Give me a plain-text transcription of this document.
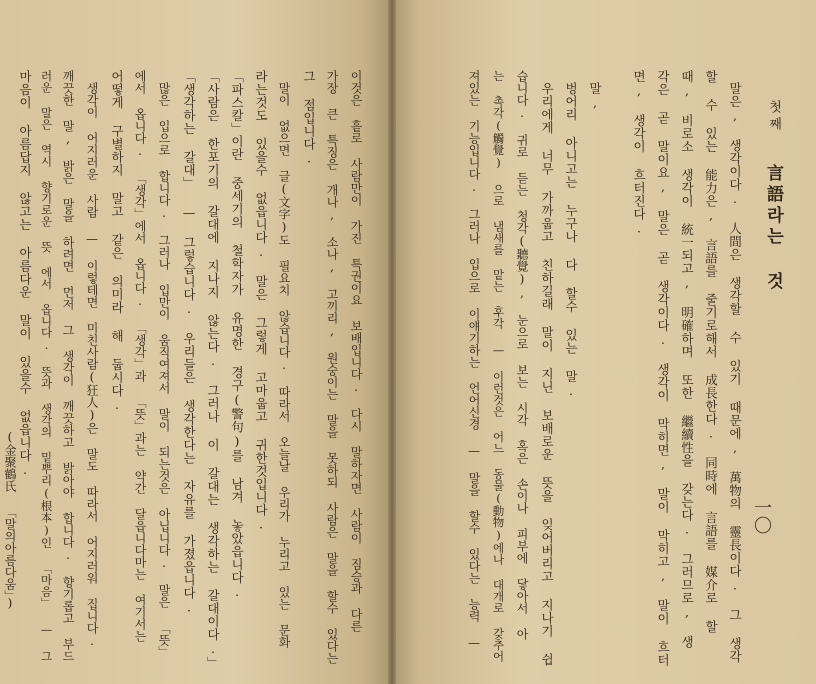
이것은 흩로 사람만이 가진 특권이요 보배입니다. 다시 말하자면 사람이 짐승과 다른
가장 큰 특징은 개나, 소나, 고끼리, 원숭이는 말을 못하되 사람은 말을 할수 있다는
그 점입니다.
말이 없으면 글(文字)도 필요치 않습니다. 따라서 오늘날 우리가 누리고 있는 문화
라는것도 있을수 없읍니다. 말은 그렇게 고마웁고 귀한것입니다.
「파스칼」이란 중세기의 철학자가 유명한 경구(警句)를 남겨 놓았읍니다.
「사람은 한포기의 갈대에 지나지 않는다. 그러나 이 갈대는 생각하는 갈대이다.」
「생각하는 갈대」 — 그렇습니다. 우리들은 생각한다는 자유를 가졌읍니다.
많은 입으로 합니다. 그러나 입만이 움직여져서 말이 되는것은 아닙니다. 말은 「뜻」
에서 옵니다. 「생각」에서 옵니다. 「생각」과 「뜻」과는 약간 달읍니다마는 여기서는
어떻게 구별하지 말고 같은 의미라 해 둡시다.
생각이 어지러운 사람 — 이렇테면 미친사람(狂人)은 말도 따라서 어지러워 집니다.
깨끗한 말, 밝은 말을 하려면 먼저 그 생각이 깨끗하고 밝아야 합니다. 향기롭고 부드
러운 말은 역시 향기로운 뜻 에서 옵니다. 뜻과 생각의 밑뿌리(根本)인 「마음」 — 그
마음이 아름답지 않고는 아름다운 말이 있을수 없읍니다.
(金聚鶴氏 「말의아름다움」)
첫째 言語라는 것
말은, 생각이다. 人間은 생각할 수 있기 때문에, 萬物의 靈長이다. 그 생각
할 수 있는 能力은, 言語를 줄기로해서 成長한다. 同時에 言語를 媒介로 할
때, 비로소 생각이 統一되고, 明確하며 또한 繼續性을 갖는다. 그러므로, 생
각은 곧 말이요, 말은 곧 생각이다. 생각이 막히면, 말이 막히고, 말이 흐터
면, 생각이 흐터진다.
말,
벙어리 아니고는 누구나 다 할수 있는 말.
우리에게 너무 가까웁고 친하길래 말이 지닌 보배로운 뜻을 잊어버리고 지나기 쉽
습니다. 귀로 듣는 청각(聽覺), 눈으로 보는 시각 혹은 손이나 피부에 닿아서 아
는 촉각(觸覺) 으로 냄새를 맡는 후각 — 이런것은 어느 동물(動物)에나 대개로 갖추어
져있는 기능입니다. 그러나 입으로 이얘기하는 언어신경 — 말을 할수 있다는 능력 —	一〇
